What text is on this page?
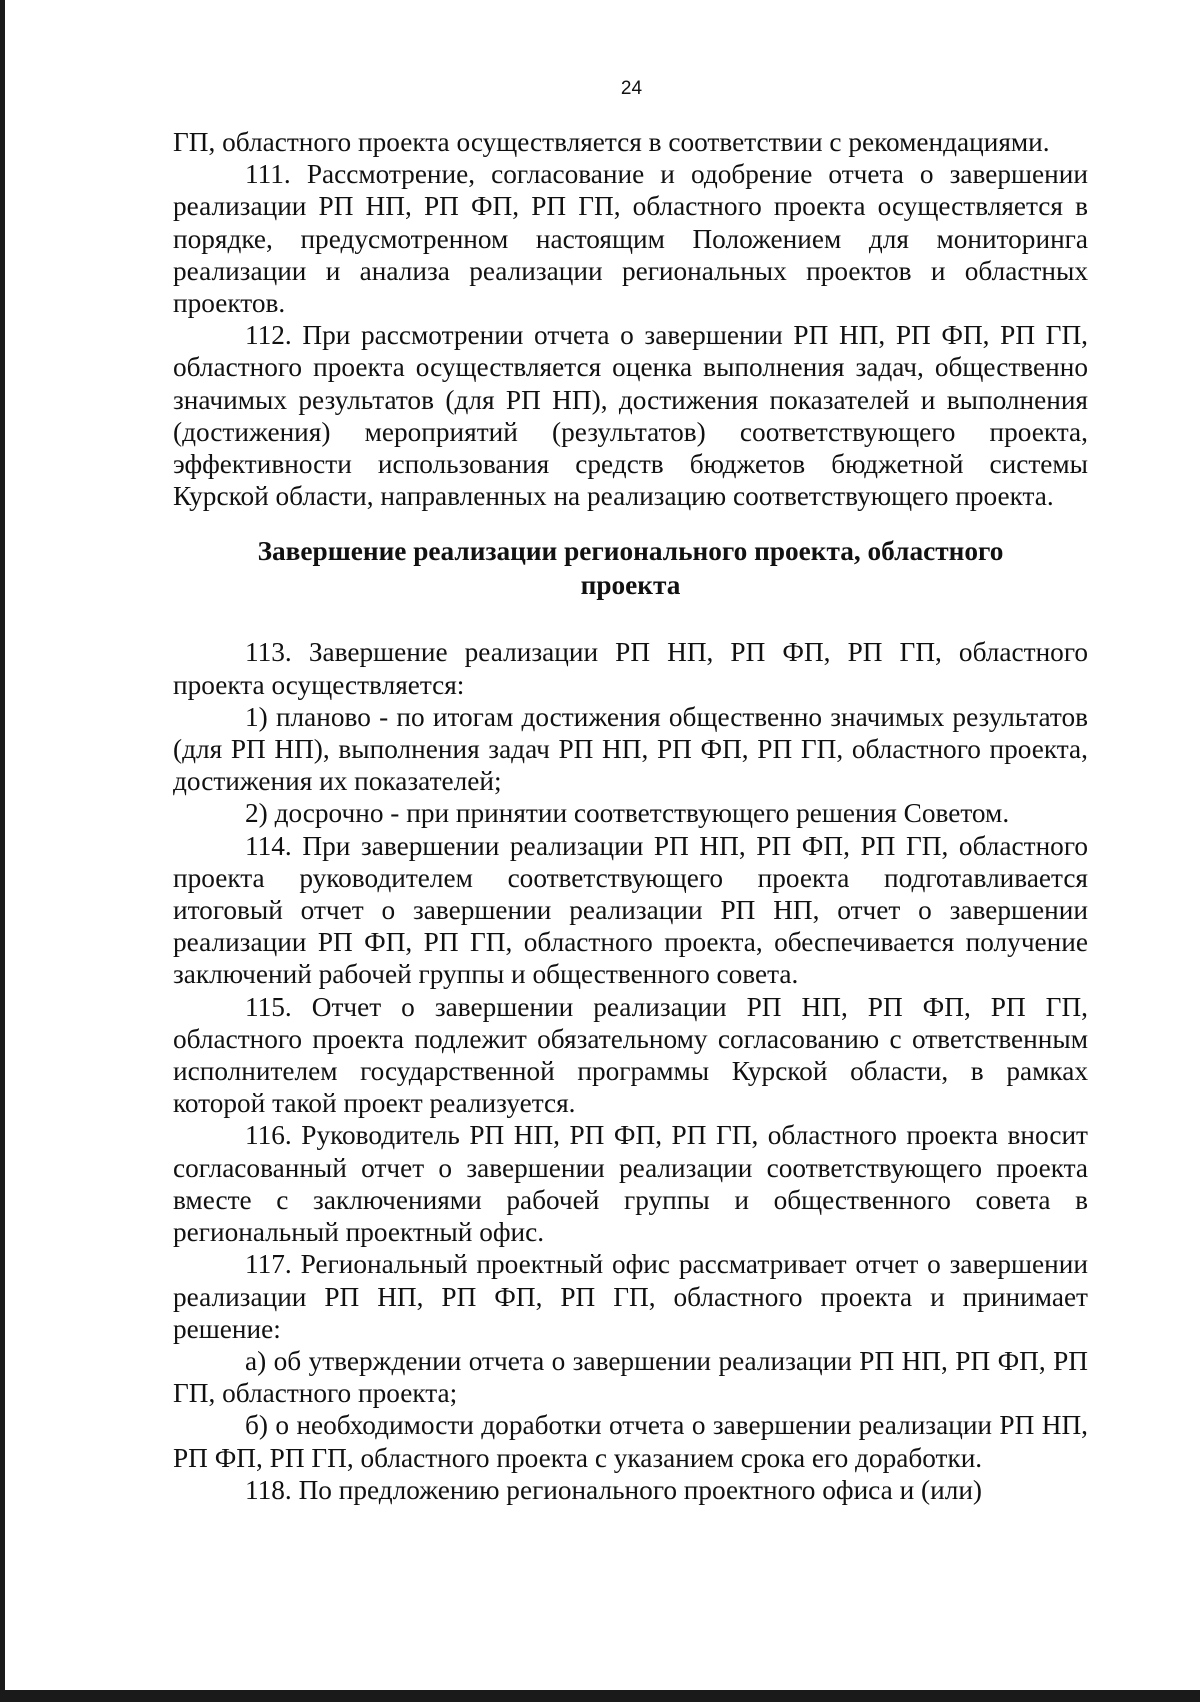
24

ГП, областного проекта осуществляется в соответствии с рекомендациями.

111. Рассмотрение, согласование и одобрение отчета о завершении реализации РП НП, РП ФП, РП ГП, областного проекта осуществляется в порядке, предусмотренном настоящим Положением для мониторинга реализации и анализа реализации региональных проектов и областных проектов.

112. При рассмотрении отчета о завершении РП НП, РП ФП, РП ГП, областного проекта осуществляется оценка выполнения задач, общественно значимых результатов (для РП НП), достижения показателей и выполнения (достижения) мероприятий (результатов) соответствующего проекта, эффективности использования средств бюджетов бюджетной системы Курской области, направленных на реализацию соответствующего проекта.

Завершение реализации регионального проекта, областного проекта

113. Завершение реализации РП НП, РП ФП, РП ГП, областного проекта осуществляется:

1) планово - по итогам достижения общественно значимых результатов (для РП НП), выполнения задач РП НП, РП ФП, РП ГП, областного проекта, достижения их показателей;

2) досрочно - при принятии соответствующего решения Советом.

114. При завершении реализации РП НП, РП ФП, РП ГП, областного проекта руководителем соответствующего проекта подготавливается итоговый отчет о завершении реализации РП НП, отчет о завершении реализации РП ФП, РП ГП, областного проекта, обеспечивается получение заключений рабочей группы и общественного совета.

115. Отчет о завершении реализации РП НП, РП ФП, РП ГП, областного проекта подлежит обязательному согласованию с ответственным исполнителем государственной программы Курской области, в рамках которой такой проект реализуется.

116. Руководитель РП НП, РП ФП, РП ГП, областного проекта вносит согласованный отчет о завершении реализации соответствующего проекта вместе с заключениями рабочей группы и общественного совета в региональный проектный офис.

117. Региональный проектный офис рассматривает отчет о завершении реализации РП НП, РП ФП, РП ГП, областного проекта и принимает решение:

а) об утверждении отчета о завершении реализации РП НП, РП ФП, РП ГП, областного проекта;

б) о необходимости доработки отчета о завершении реализации РП НП, РП ФП, РП ГП, областного проекта с указанием срока его доработки.

118. По предложению регионального проектного офиса и (или)
